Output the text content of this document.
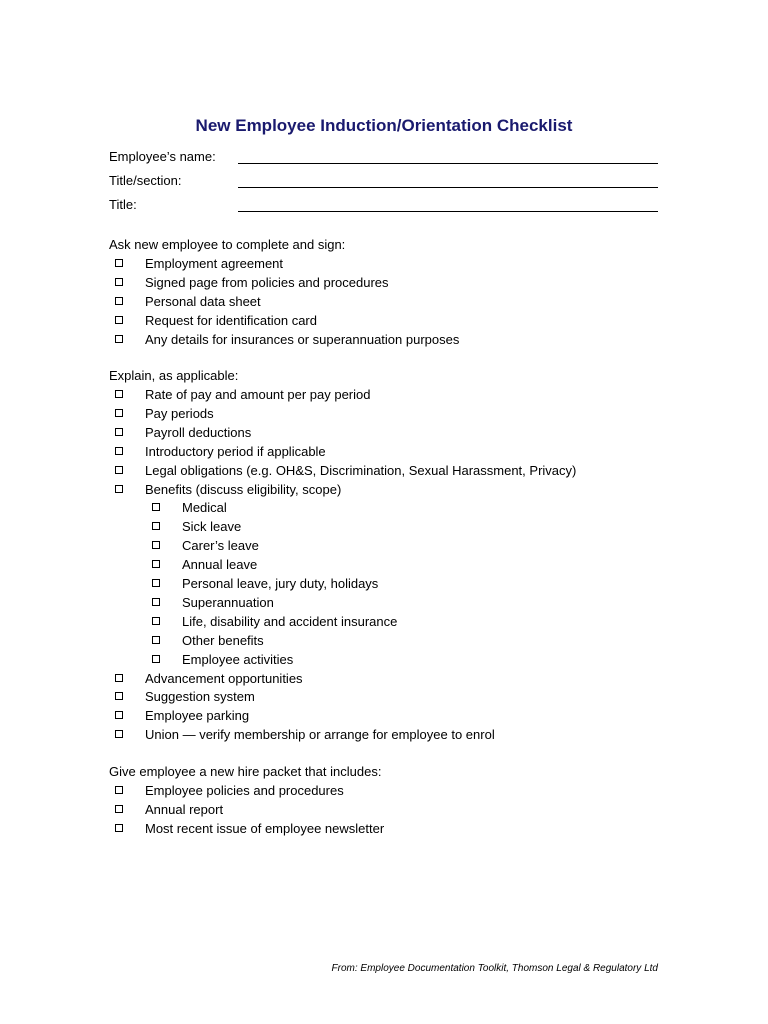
New Employee Induction/Orientation Checklist
Employee’s name:
Title/section:
Title:
Ask new employee to complete and sign:
Employment agreement
Signed page from policies and procedures
Personal data sheet
Request for identification card
Any details for insurances or superannuation purposes
Explain, as applicable:
Rate of pay and amount per pay period
Pay periods
Payroll deductions
Introductory period if applicable
Legal obligations (e.g. OH&S, Discrimination, Sexual Harassment, Privacy)
Benefits (discuss eligibility, scope)
Medical
Sick leave
Carer’s leave
Annual leave
Personal leave, jury duty, holidays
Superannuation
Life, disability and accident insurance
Other benefits
Employee activities
Advancement opportunities
Suggestion system
Employee parking
Union — verify membership or arrange for employee to enrol
Give employee a new hire packet that includes:
Employee policies and procedures
Annual report
Most recent issue of employee newsletter
From: Employee Documentation Toolkit, Thomson Legal & Regulatory Ltd
